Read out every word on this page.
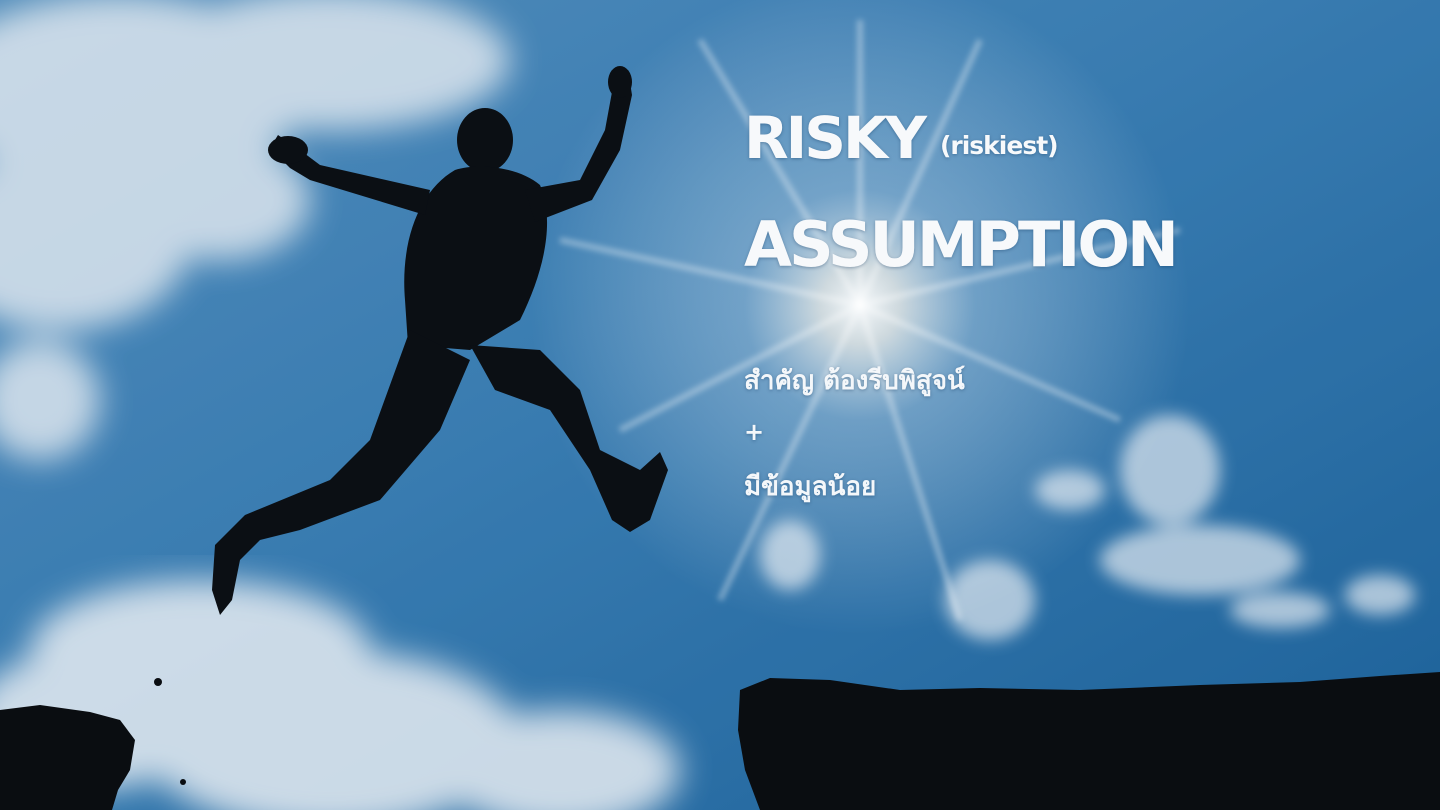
RISKY (riskiest)
ASSUMPTION
สำคัญ ต้องรีบพิสูจน์
+
มีข้อมูลน้อย
